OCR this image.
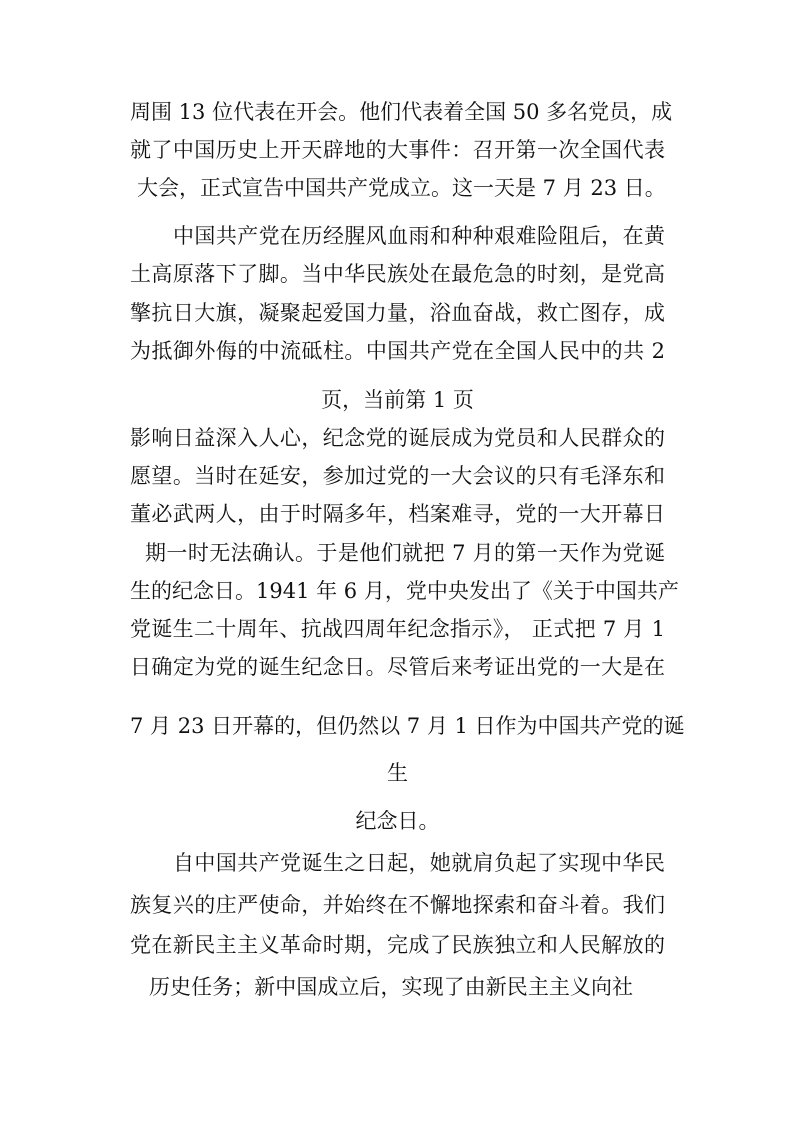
周围 13 位代表在开会。他们代表着全国 50 多名党员，成
就了中国历史上开天辟地的大事件：召开第一次全国代表
大会，正式宣告中国共产党成立。这一天是 7 月 23 日。
中国共产党在历经腥风血雨和种种艰难险阻后，在黄
土高原落下了脚。当中华民族处在最危急的时刻，是党高
擎抗日大旗，凝聚起爱国力量，浴血奋战，救亡图存，成
为抵御外侮的中流砥柱。中国共产党在全国人民中的共 2
页，当前第 1 页
影响日益深入人心，纪念党的诞辰成为党员和人民群众的
愿望。当时在延安，参加过党的一大会议的只有毛泽东和
董必武两人，由于时隔多年，档案难寻，党的一大开幕日
期一时无法确认。于是他们就把 7 月的第一天作为党诞
生的纪念日。1941 年 6 月，党中央发出了《关于中国共产
党诞生二十周年、抗战四周年纪念指示》， 正式把 7 月 1
日确定为党的诞生纪念日。尽管后来考证出党的一大是在
7 月 23 日开幕的，但仍然以 7 月 1 日作为中国共产党的诞
生
纪念日。
自中国共产党诞生之日起，她就肩负起了实现中华民
族复兴的庄严使命，并始终在不懈地探索和奋斗着。我们
党在新民主主义革命时期，完成了民族独立和人民解放的
历史任务；新中国成立后，实现了由新民主主义向社
